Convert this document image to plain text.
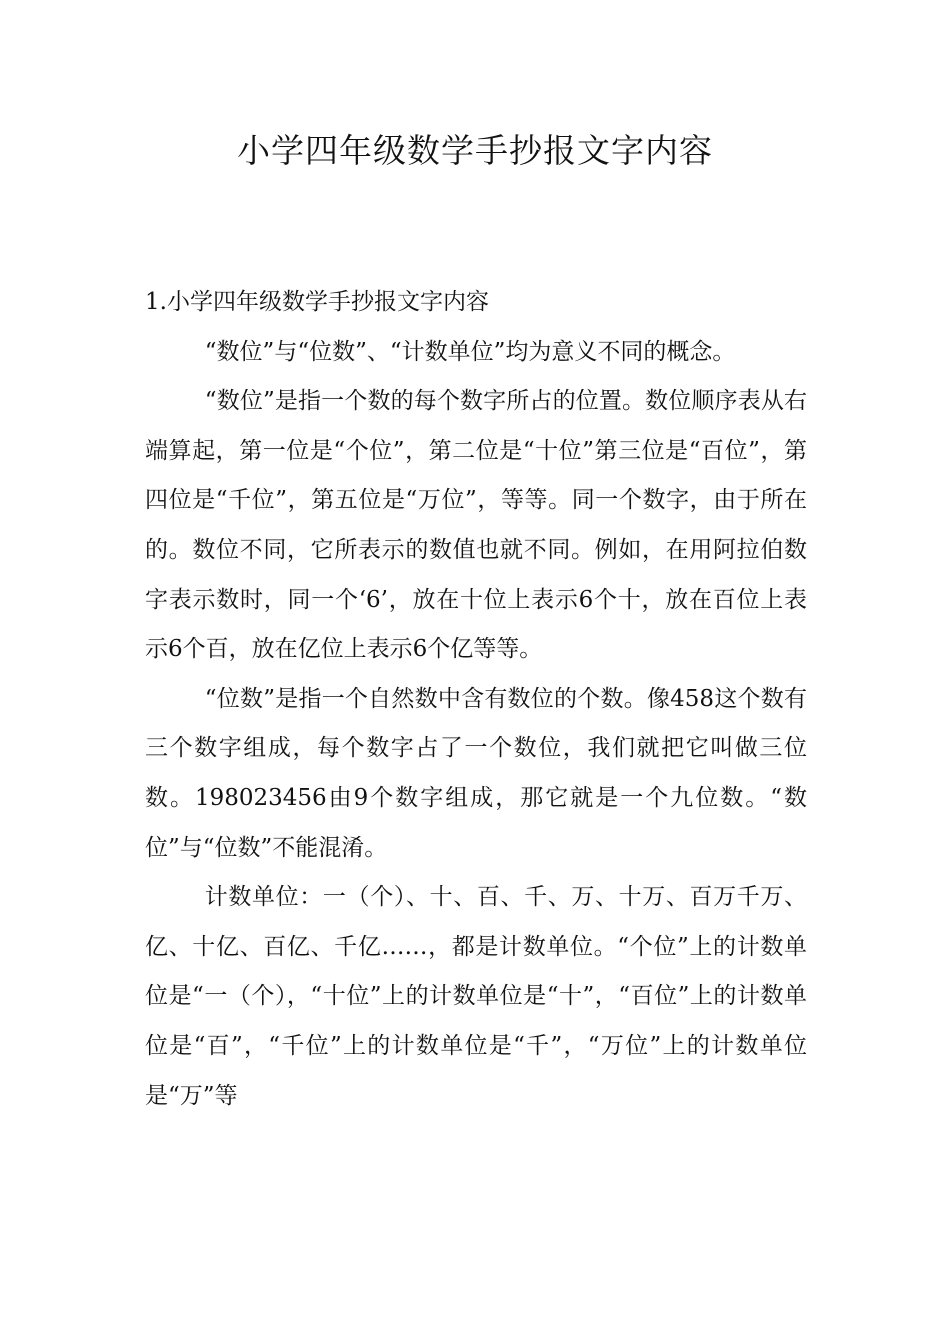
小学四年级数学手抄报文字内容
1.小学四年级数学手抄报文字内容

“数位”与“位数”、“计数单位”均为意义不同的概念。

“数位”是指一个数的每个数字所占的位置。数位顺序表从右端算起，第一位是“个位”，第二位是“十位”第三位是“百位”，第四位是“千位”，第五位是“万位”，等等。同一个数字，由于所在的。数位不同，它所表示的数值也就不同。例如，在用阿拉伯数字表示数时，同一个‘6’，放在十位上表示6个十，放在百位上表示6个百，放在亿位上表示6个亿等等。

“位数”是指一个自然数中含有数位的个数。像458这个数有三个数字组成，每个数字占了一个数位，我们就把它叫做三位数。198023456由9个数字组成，那它就是一个九位数。“数位”与“位数”不能混淆。

计数单位：一（个）、十、百、千、万、十万、百万千万、亿、十亿、百亿、千亿……，都是计数单位。“个位”上的计数单位是“一（个），“十位”上的计数单位是“十”，“百位”上的计数单位是“百”，“千位”上的计数单位是“千”，“万位”上的计数单位是“万”等
